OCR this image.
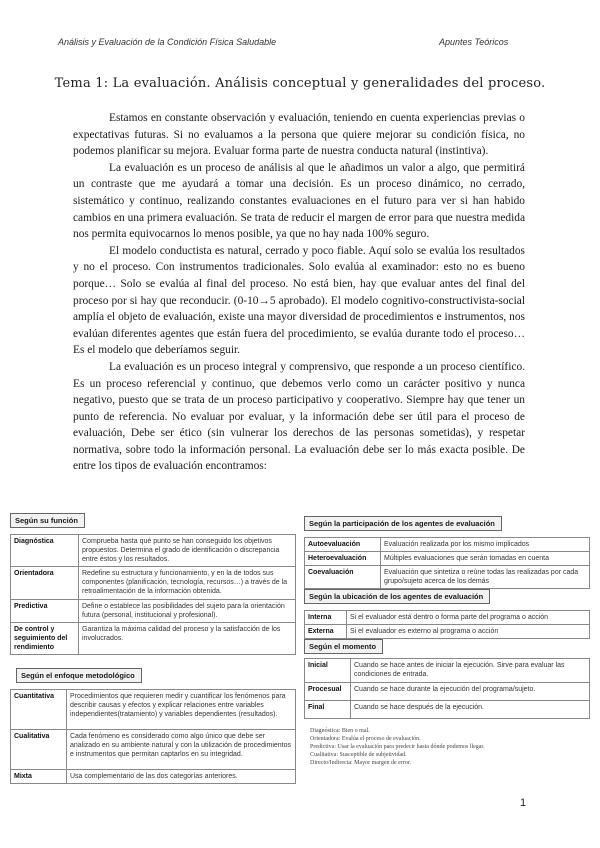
Análisis y Evaluación de la Condición Física Saludable	Apuntes Teóricos
Tema 1: La evaluación. Análisis conceptual y generalidades del proceso.

Estamos en constante observación y evaluación, teniendo en cuenta experiencias previas o expectativas futuras. Si no evaluamos a la persona que quiere mejorar su condición física, no podemos planificar su mejora. Evaluar forma parte de nuestra conducta natural (instintiva).

La evaluación es un proceso de análisis al que le añadimos un valor a algo, que permitirá un contraste que me ayudará a tomar una decisión. Es un proceso dinámico, no cerrado, sistemático y continuo, realizando constantes evaluaciones en el futuro para ver si han habido cambios en una primera evaluación. Se trata de reducir el margen de error para que nuestra medida nos permita equivocarnos lo menos posible, ya que no hay nada 100% seguro.

El modelo conductista es natural, cerrado y poco fiable. Aquí solo se evalúa los resultados y no el proceso. Con instrumentos tradicionales. Solo evalúa al examinador: esto no es bueno porque… Solo se evalúa al final del proceso. No está bien, hay que evaluar antes del final del proceso por si hay que reconducir. (0-10→5 aprobado). El modelo cognitivo-constructivista-social amplía el objeto de evaluación, existe una mayor diversidad de procedimientos e instrumentos, nos evalúan diferentes agentes que están fuera del procedimiento, se evalúa durante todo el proceso… Es el modelo que deberíamos seguir.

La evaluación es un proceso integral y comprensivo, que responde a un proceso científico. Es un proceso referencial y continuo, que debemos verlo como un carácter positivo y nunca negativo, puesto que se trata de un proceso participativo y cooperativo. Siempre hay que tener un punto de referencia. No evaluar por evaluar, y la información debe ser útil para el proceso de evaluación, Debe ser ético (sin vulnerar los derechos de las personas sometidas), y respetar normativa, sobre todo la información personal. La evaluación debe ser lo más exacta posible. De entre los tipos de evaluación encontramos:

Según su función
Diagnóstica	Comprueba hasta qué punto se han conseguido los objetivos propuestos. Determina el grado de identificación o discrepancia entre éstos y los resultados.
Orientadora	Redefine su estructura y funcionamiento, y en la de todos sus componentes (planificación, tecnología, recursos…) a través de la retroalimentación de la información obtenida.
Predictiva	Define o establece las posibilidades del sujeto para la orientación futura (personal, institucional y profesional).
De control y seguimiento del rendimiento	Garantiza la máxima calidad del proceso y la satisfacción de los involucrados.
Según el enfoque metodológico
Cuantitativa	Procedimientos que requieren medir y cuantificar los fenómenos para describir causas y efectos y explicar relaciones entre variables independientes(tratamiento) y variables dependientes (resultados).
Cualitativa	Cada fenómeno es considerado como algo único que debe ser analizado en su ambiente natural y con la utilización de procedimientos e instrumentos que permitan captarlos en su integridad.
Mixta	Usa complementario de las dos categorías anteriores.
Según la participación de los agentes de evaluación
Autoevaluación	Evaluación realizada por los mismo implicados
Heteroevaluación	Múltiples evaluaciones que serán tomadas en cuenta
Coevaluación	Evaluación que sintetiza o reúne todas las realizadas por cada grupo/sujeto acerca de los demás
Según la ubicación de los agentes de evaluación
Interna	Si el evaluador está dentro o forma parte del programa o acción
Externa	Si el evaluador es externo al programa o acción
Según el momento
Inicial	Cuando se hace antes de iniciar la ejecución. Sirve para evaluar las condiciones de entrada.
Procesual	Cuando se hace durante la ejecución del programa/sujeto.
Final	Cuando se hace después de la ejecución.
Diagnóstica: Bien o mal.
Orientadora: Evalúa el proceso de evaluación.
Predictiva: Usar la evaluación para predecir hasta dónde podemos llegar.
Cualitativa: Susceptible de subjetividad.
Directo/Indirecta: Mayor margen de error.
1
